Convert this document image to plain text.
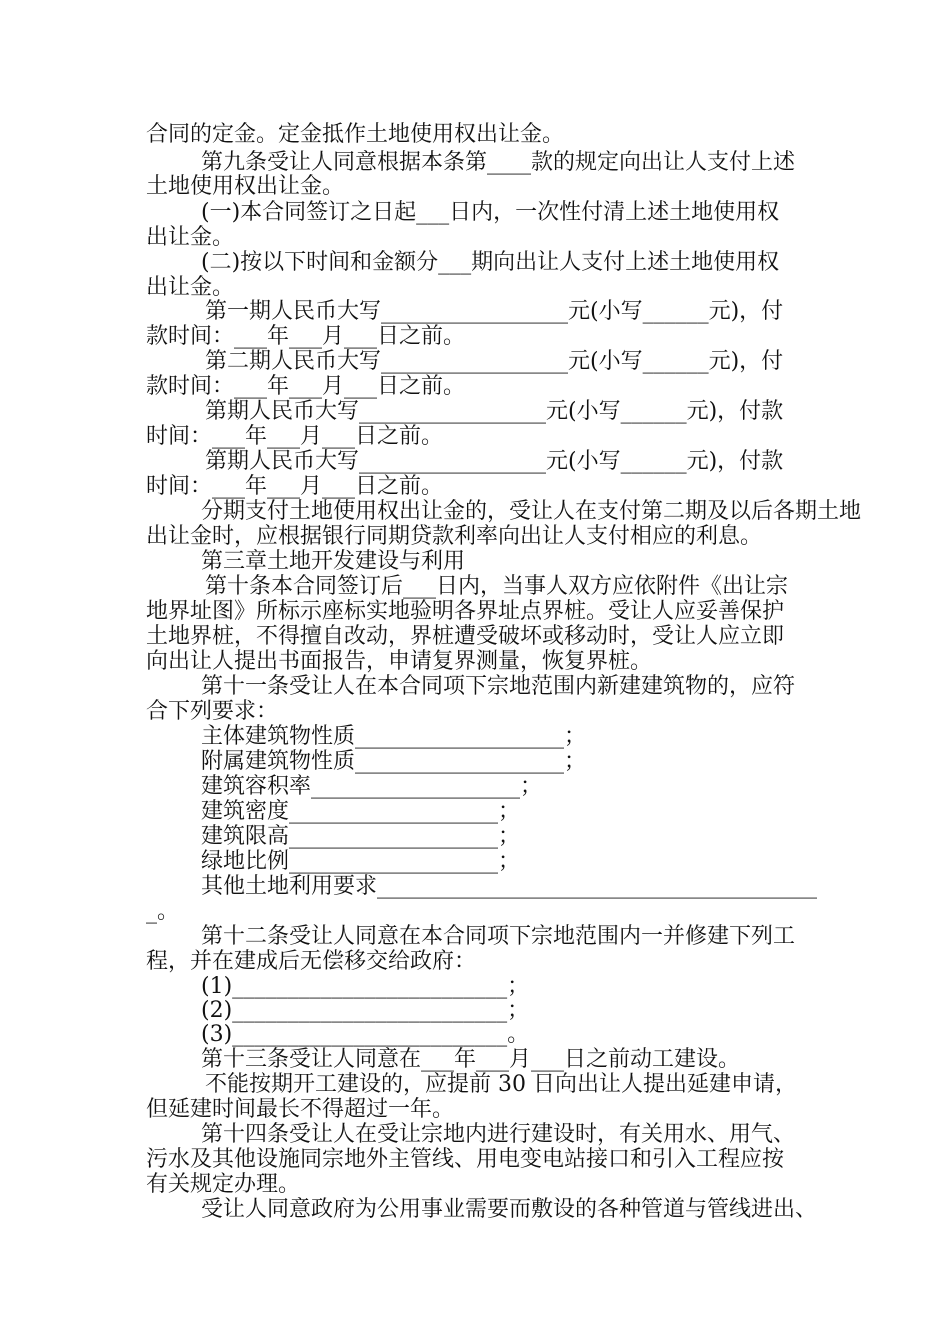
合同的定金。定金抵作土地使用权出让金。
第九条受让人同意根据本条第____款的规定向出让人支付上述
土地使用权出让金。
(一)本合同签订之日起___日内，一次性付清上述土地使用权
出让金。
(二)按以下时间和金额分___期向出让人支付上述土地使用权
出让金。
第一期人民币大写_________________元(小写______元)，付
款时间：___年___月___日之前。
第二期人民币大写_________________元(小写______元)，付
款时间：___年___月___日之前。
第期人民币大写_________________元(小写______元)，付款
时间：___年___月___日之前。
第期人民币大写_________________元(小写______元)，付款
时间：___年___月___日之前。
分期支付土地使用权出让金的，受让人在支付第二期及以后各期土地
出让金时，应根据银行同期贷款利率向出让人支付相应的利息。
第三章土地开发建设与利用
第十条本合同签订后___日内，当事人双方应依附件《出让宗
地界址图》所标示座标实地验明各界址点界桩。受让人应妥善保护
土地界桩，不得擅自改动，界桩遭受破坏或移动时，受让人应立即
向出让人提出书面报告，申请复界测量，恢复界桩。
第十一条受让人在本合同项下宗地范围内新建建筑物的，应符
合下列要求：
主体建筑物性质___________________；
附属建筑物性质___________________；
建筑容积率___________________；
建筑密度___________________；
建筑限高___________________；
绿地比例___________________；
其他土地利用要求________________________________________
_。
第十二条受让人同意在本合同项下宗地范围内一并修建下列工
程，并在建成后无偿移交给政府：
(1)_________________________；
(2)_________________________；
(3)_________________________。
第十三条受让人同意在___年___月___日之前动工建设。
不能按期开工建设的，应提前 30 日向出让人提出延建申请，
但延建时间最长不得超过一年。
第十四条受让人在受让宗地内进行建设时，有关用水、用气、
污水及其他设施同宗地外主管线、用电变电站接口和引入工程应按
有关规定办理。
受让人同意政府为公用事业需要而敷设的各种管道与管线进出、
